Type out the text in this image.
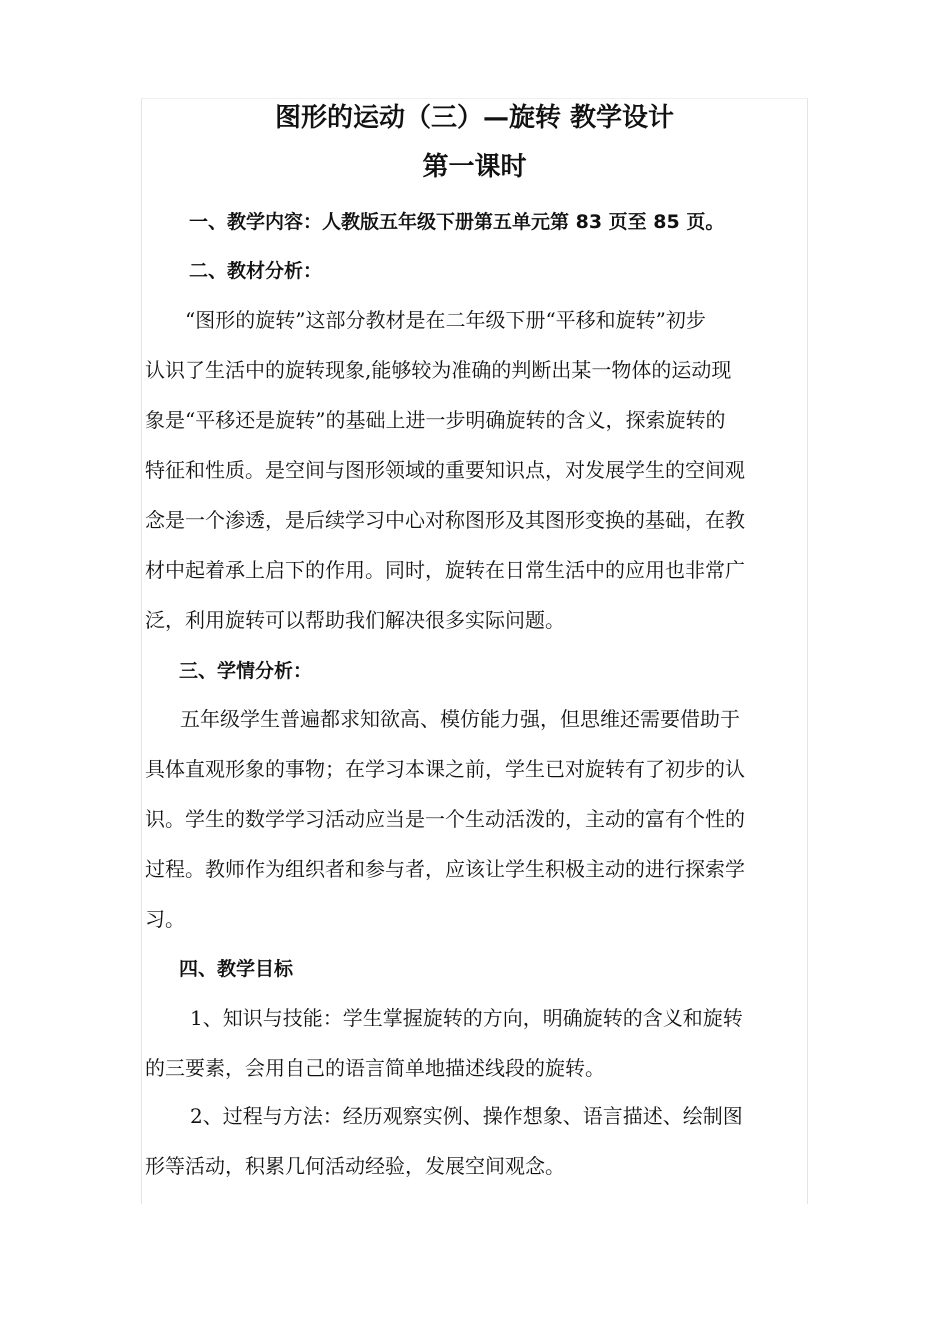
图形的运动（三）—旋转 教学设计
第一课时

一、教学内容：人教版五年级下册第五单元第 83 页至 85 页。

二、教材分析：

“图形的旋转”这部分教材是在二年级下册“平移和旋转”初步
认识了生活中的旋转现象,能够较为准确的判断出某一物体的运动现
象是“平移还是旋转”的基础上进一步明确旋转的含义，探索旋转的
特征和性质。是空间与图形领域的重要知识点，对发展学生的空间观
念是一个渗透，是后续学习中心对称图形及其图形变换的基础，在教
材中起着承上启下的作用。同时，旋转在日常生活中的应用也非常广
泛，利用旋转可以帮助我们解决很多实际问题。

三、学情分析：

五年级学生普遍都求知欲高、模仿能力强，但思维还需要借助于
具体直观形象的事物；在学习本课之前，学生已对旋转有了初步的认
识。学生的数学学习活动应当是一个生动活泼的，主动的富有个性的
过程。教师作为组织者和参与者，应该让学生积极主动的进行探索学
习。

四、教学目标

1、知识与技能：学生掌握旋转的方向，明确旋转的含义和旋转
的三要素，会用自己的语言简单地描述线段的旋转。
2、过程与方法：经历观察实例、操作想象、语言描述、绘制图
形等活动，积累几何活动经验，发展空间观念。
